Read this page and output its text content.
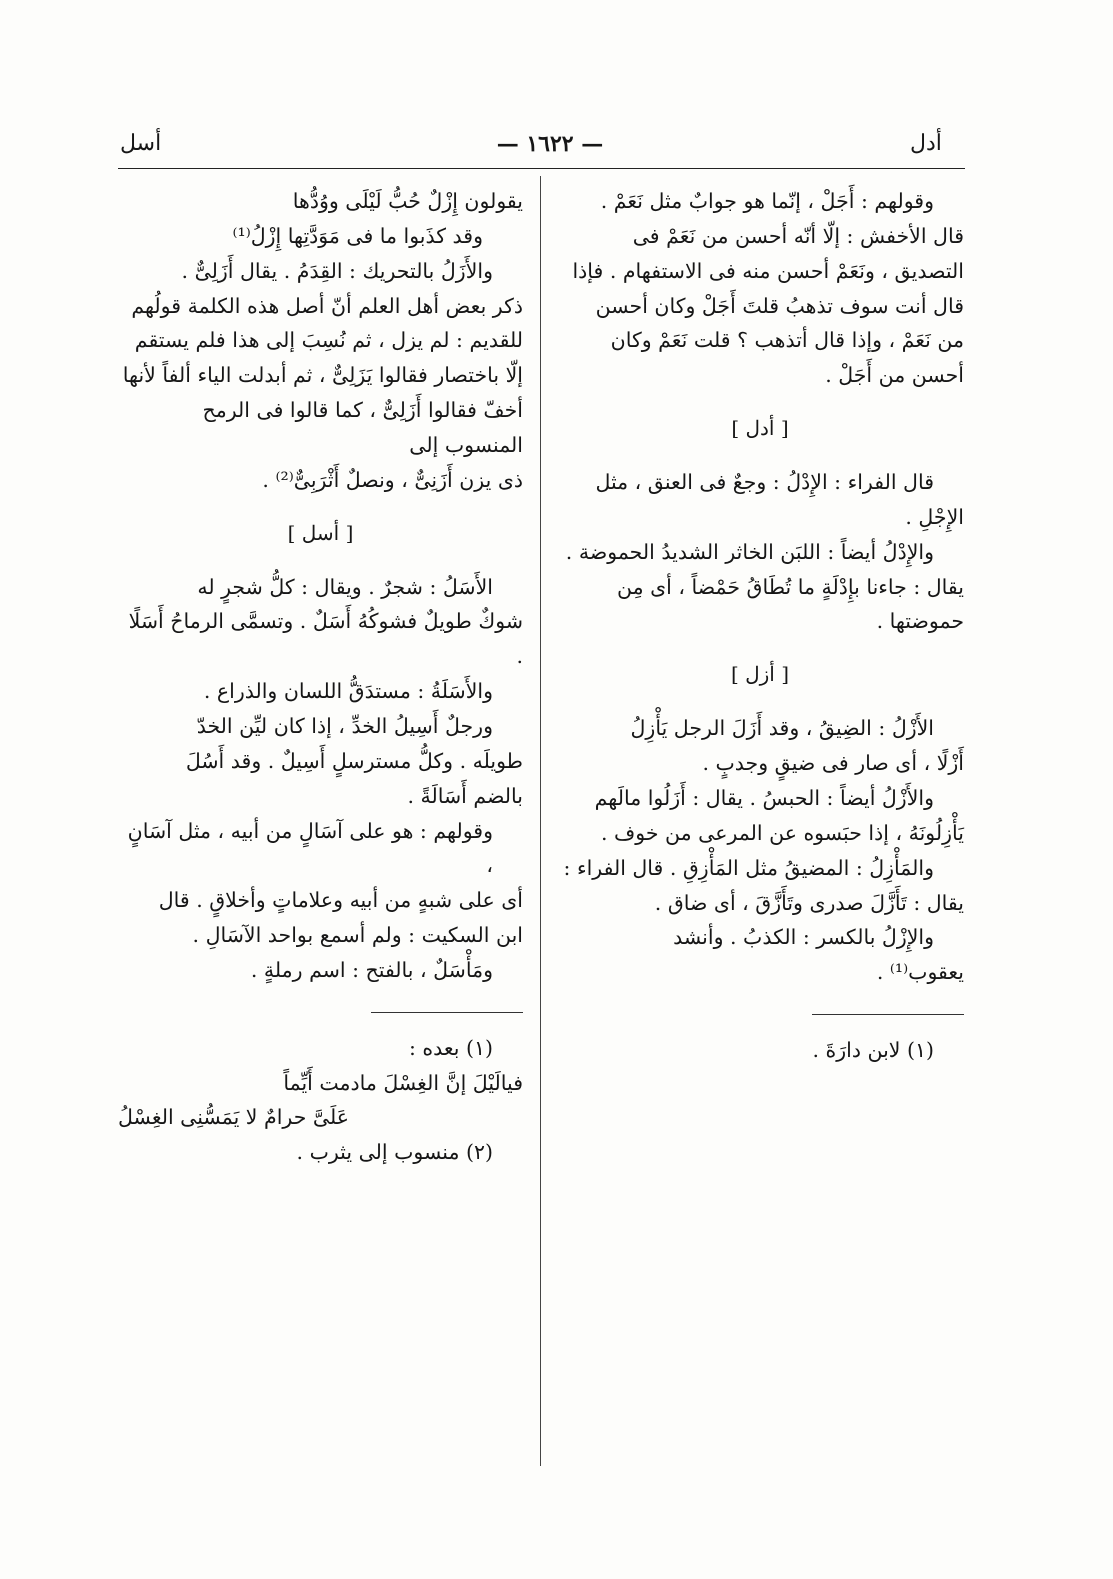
أدل
— ١٦٢٢ —
أسل

وقولهم : أَجَلْ ، إنّما هو جوابٌ مثل نَعَمْ .

قال الأخفش : إلّا أنّه أحسن من نَعَمْ فى

التصديق ، ونَعَمْ أحسن منه فى الاستفهام . فإذا

قال أنت سوف تذهبُ قلتَ أَجَلْ وكان أحسن

من نَعَمْ ، وإذا قال أتذهب ؟ قلت نَعَمْ وكان

أحسن من أَجَلْ .

[ أدل ]

قال الفراء : الإِدْلُ : وجعٌ فى العنق ، مثل

الإِجْلِ .

والإِدْلُ أيضاً : اللبَن الخاثر الشديدُ الحموضة .

يقال : جاءنا بإِدْلَةٍ ما تُطَاقُ حَمْضاً ، أى مِن

حموضتها .

[ أزل ]

الأَزْلُ : الضِيقُ ، وقد أَزَلَ الرجل يَأْزِلُ

أَزْلًا ، أى صار فى ضيقٍ وجدبٍ .

والأَزْلُ أيضاً : الحبسُ . يقال : أَزَلُوا مالَهم

يَأْزِلُونَهُ ، إذا حبَسوه عن المرعى من خوف .

والمَأْزِلُ : المضيقُ مثل المَأْزِقِ . قال الفراء :

يقال : تَأَزَّلَ صدرى وتَأَزَّقَ ، أى ضاق .

والإِزْلُ بالكسر : الكذبُ . وأنشد

يعقوب⁽¹⁾ .

(١) لابن دارَةَ .

يقولون إِزْلٌ حُبُّ لَيْلَى ووُدُّها

وقد كذَبوا ما فى مَوَدَّتِها إِزْلُ⁽¹⁾

والأَزَلُ بالتحريك : القِدَمُ . يقال أَزَلِىٌّ .

ذكر بعض أهل العلم أنّ أصل هذه الكلمة قولُهم

للقديم : لم يزل ، ثم نُسِبَ إلى هذا فلم يستقم

إلّا باختصار فقالوا يَزَلِىٌّ ، ثم أبدلت الياء ألفاً لأنها

أخفّ فقالوا أَزَلِىٌّ ، كما قالوا فى الرمح المنسوب إلى

ذى يزن أَزَنِىٌّ ، ونصلٌ أَثْرَبِىٌّ⁽²⁾ .

[ أسل ]

الأَسَلُ : شجرٌ . ويقال : كلُّ شجرٍ له

شوكٌ طويلٌ فشوكُهُ أَسَلٌ . وتسمَّى الرماحُ أَسَلًا .

والأَسَلَةُ : مستدَقُّ اللسان والذراع .

ورجلٌ أَسِيلُ الخدِّ ، إذا كان ليِّن الخدّ

طويلَه . وكلُّ مسترسلٍ أَسِيلٌ . وقد أَسُلَ

بالضم أَسَالَةً .

وقولهم : هو على آسَالٍ من أبيه ، مثل آسَانٍ ،

أى على شبهٍ من أبيه وعلاماتٍ وأخلاقٍ . قال

ابن السكيت : ولم أسمع بواحد الآسَالِ .

ومَأْسَلٌ ، بالفتح : اسم رملةٍ .

(١) بعده :

فيالَيْلَ إنَّ الغِسْلَ مادمت أَيِّماً

عَلَىَّ حرامٌ لا يَمَسُّنِى الغِسْلُ

(٢) منسوب إلى يثرب .
